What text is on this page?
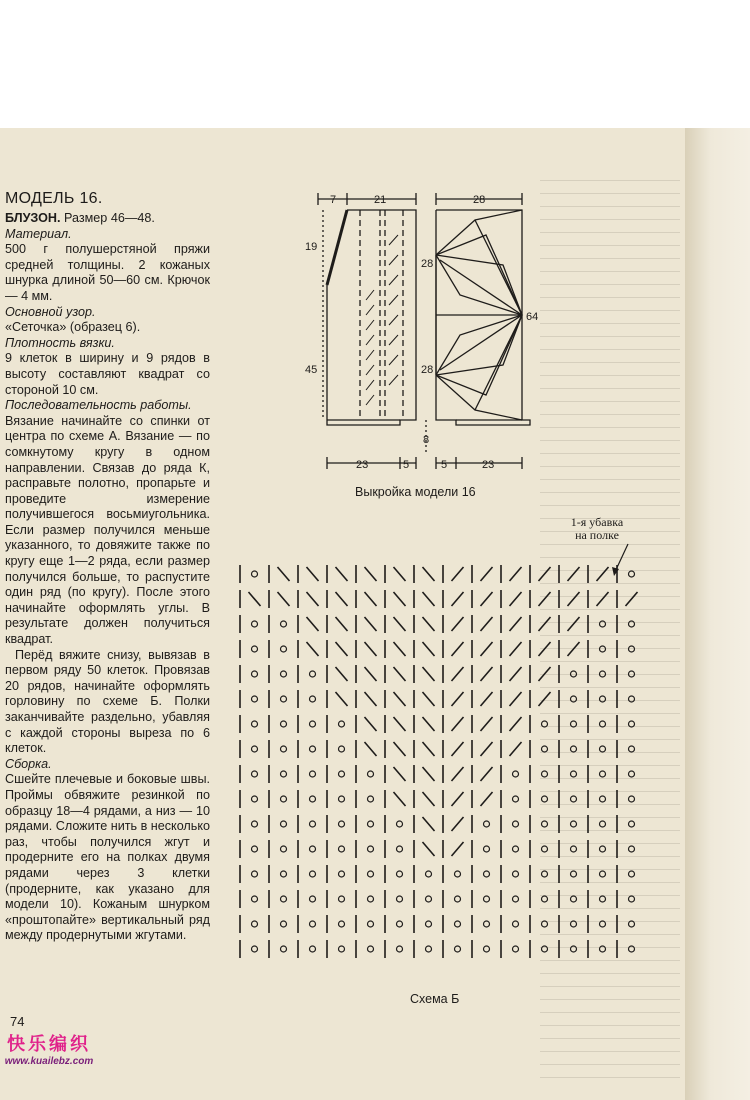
МОДЕЛЬ 16.

БЛУЗОН. Размер 46—48.

Материал.

500 г полушерстяной пряжи средней толщины. 2 кожаных шнурка длиной 50—60 см. Крючок — 4 мм.

Основной узор.

«Сеточка» (образец 6).

Плотность вязки.

9 клеток в ширину и 9 рядов в высоту составляют квадрат со стороной 10 см.

Последовательность работы.

Вязание начинайте со спинки от центра по схеме А. Вязание — по сомкнутому кругу в одном направлении. Связав до ряда К, расправьте полотно, пропарьте и проведите измерение получившегося восьмиугольника. Если размер получился меньше указанного, то довяжите также по кругу еще 1—2 ряда, если размер получился больше, то распустите один ряд (по кругу). После этого начинайте оформлять углы. В результате должен получиться квадрат.

Перёд вяжите снизу, вывязав в первом ряду 50 клеток. Провязав 20 рядов, начинайте оформлять горловину по схеме Б. Полки заканчивайте раздельно, убавляя с каждой стороны выреза по 6 клеток.

Сборка.

Сшейте плечевые и боковые швы. Проймы обвяжите резинкой по образцу 18—4 рядами, а низ — 10 рядами. Сложите нить в несколько раз, чтобы получился жгут и продерните его на полках двумя рядами через 3 клетки (продерните, как указано для модели 10). Кожаным шнурком «проштопайте» вертикальный ряд между продернутыми жгутами.

7	21	28
19
45
28
28
64
8
23	5	5	23
Выкройка модели 16
1-я убавка на полке
Схема Б
74
快乐编织
www.kuailebz.com
